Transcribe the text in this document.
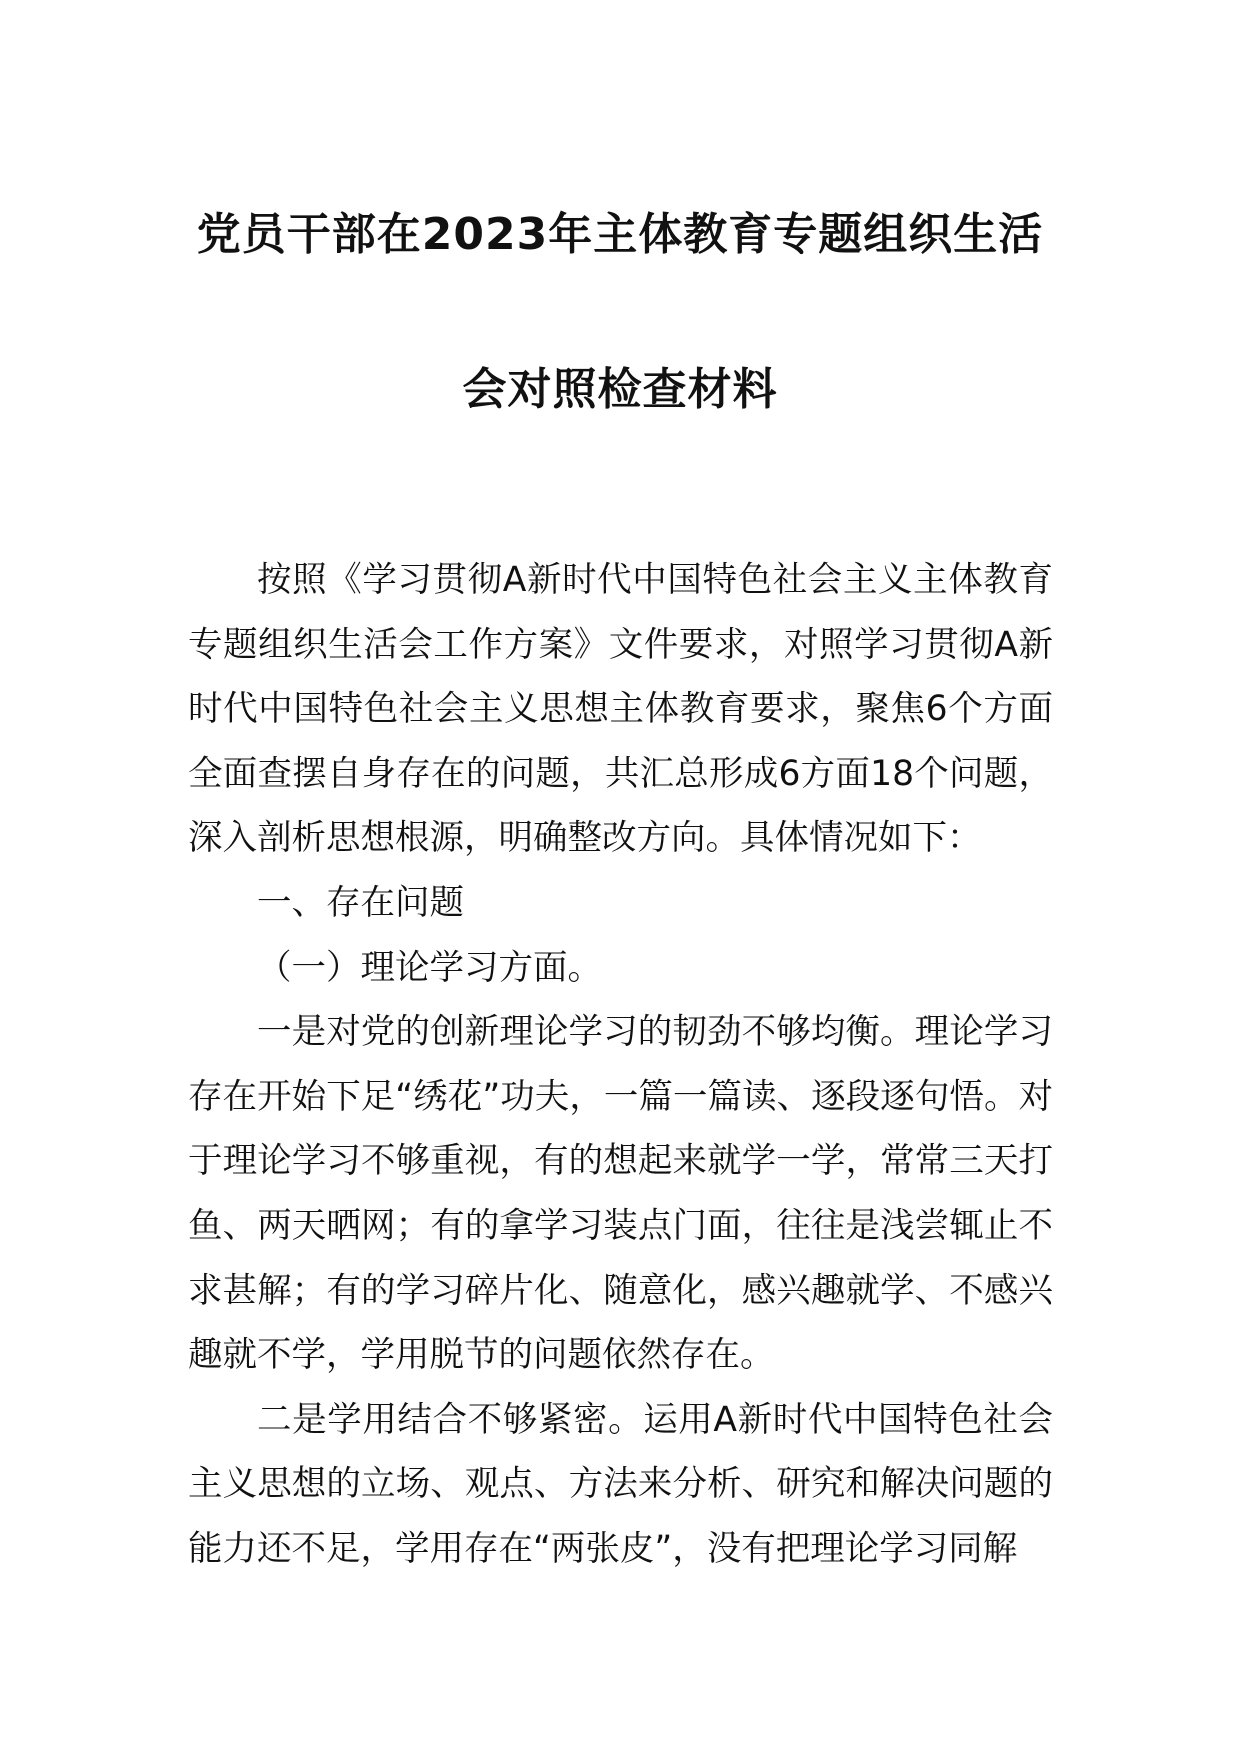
党员干部在2023年主体教育专题组织生活
会对照检查材料

按照《学习贯彻A新时代中国特色社会主义主体教育专题组织生活会工作方案》文件要求，对照学习贯彻A新时代中国特色社会主义思想主体教育要求，聚焦6个方面全面查摆自身存在的问题，共汇总形成6方面18个问题，深入剖析思想根源，明确整改方向。具体情况如下：

一、存在问题

（一）理论学习方面。

一是对党的创新理论学习的韧劲不够均衡。理论学习存在开始下足“绣花”功夫，一篇一篇读、逐段逐句悟。对于理论学习不够重视，有的想起来就学一学，常常三天打鱼、两天晒网；有的拿学习装点门面，往往是浅尝辄止不求甚解；有的学习碎片化、随意化，感兴趣就学、不感兴趣就不学，学用脱节的问题依然存在。

二是学用结合不够紧密。运用A新时代中国特色社会主义思想的立场、观点、方法来分析、研究和解决问题的能力还不足，学用存在“两张皮”，没有把理论学习同解
